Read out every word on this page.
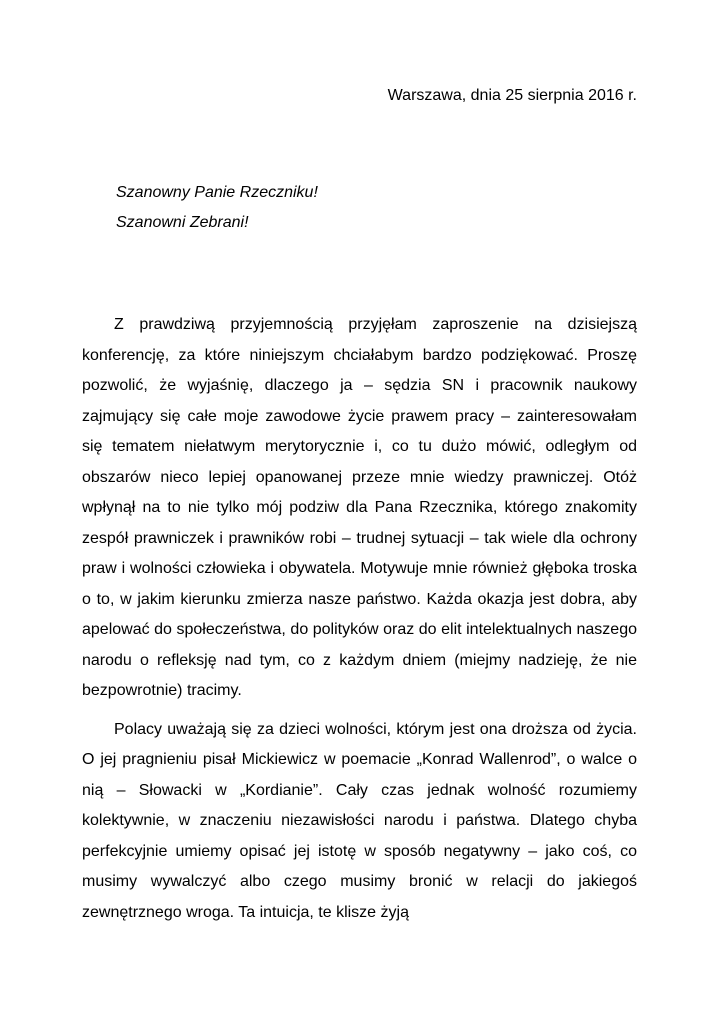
Warszawa, dnia 25 sierpnia 2016 r.
Szanowny Panie Rzeczniku!
Szanowni Zebrani!

Z prawdziwą przyjemnością przyjęłam zaproszenie na dzisiejszą konferencję, za które niniejszym chciałabym bardzo podziękować. Proszę pozwolić, że wyjaśnię, dlaczego ja – sędzia SN i pracownik naukowy zajmujący się całe moje zawodowe życie prawem pracy – zainteresowałam się tematem niełatwym merytorycznie i, co tu dużo mówić, odległym od obszarów nieco lepiej opanowanej przeze mnie wiedzy prawniczej. Otóż wpłynął na to nie tylko mój podziw dla Pana Rzecznika, którego znakomity zespół prawniczek i prawników robi – trudnej sytuacji – tak wiele dla ochrony praw i wolności człowieka i obywatela. Motywuje mnie również głęboka troska o to, w jakim kierunku zmierza nasze państwo. Każda okazja jest dobra, aby apelować do społeczeństwa, do polityków oraz do elit intelektualnych naszego narodu o refleksję nad tym, co z każdym dniem (miejmy nadzieję, że nie bezpowrotnie) tracimy.

Polacy uważają się za dzieci wolności, którym jest ona droższa od życia. O jej pragnieniu pisał Mickiewicz w poemacie „Konrad Wallenrod”, o walce o nią – Słowacki w „Kordianie”. Cały czas jednak wolność rozumiemy kolektywnie, w znaczeniu niezawisłości narodu i państwa. Dlatego chyba perfekcyjnie umiemy opisać jej istotę w sposób negatywny – jako coś, co musimy wywalczyć albo czego musimy bronić w relacji do jakiegoś zewnętrznego wroga. Ta intuicja, te klisze żyją
